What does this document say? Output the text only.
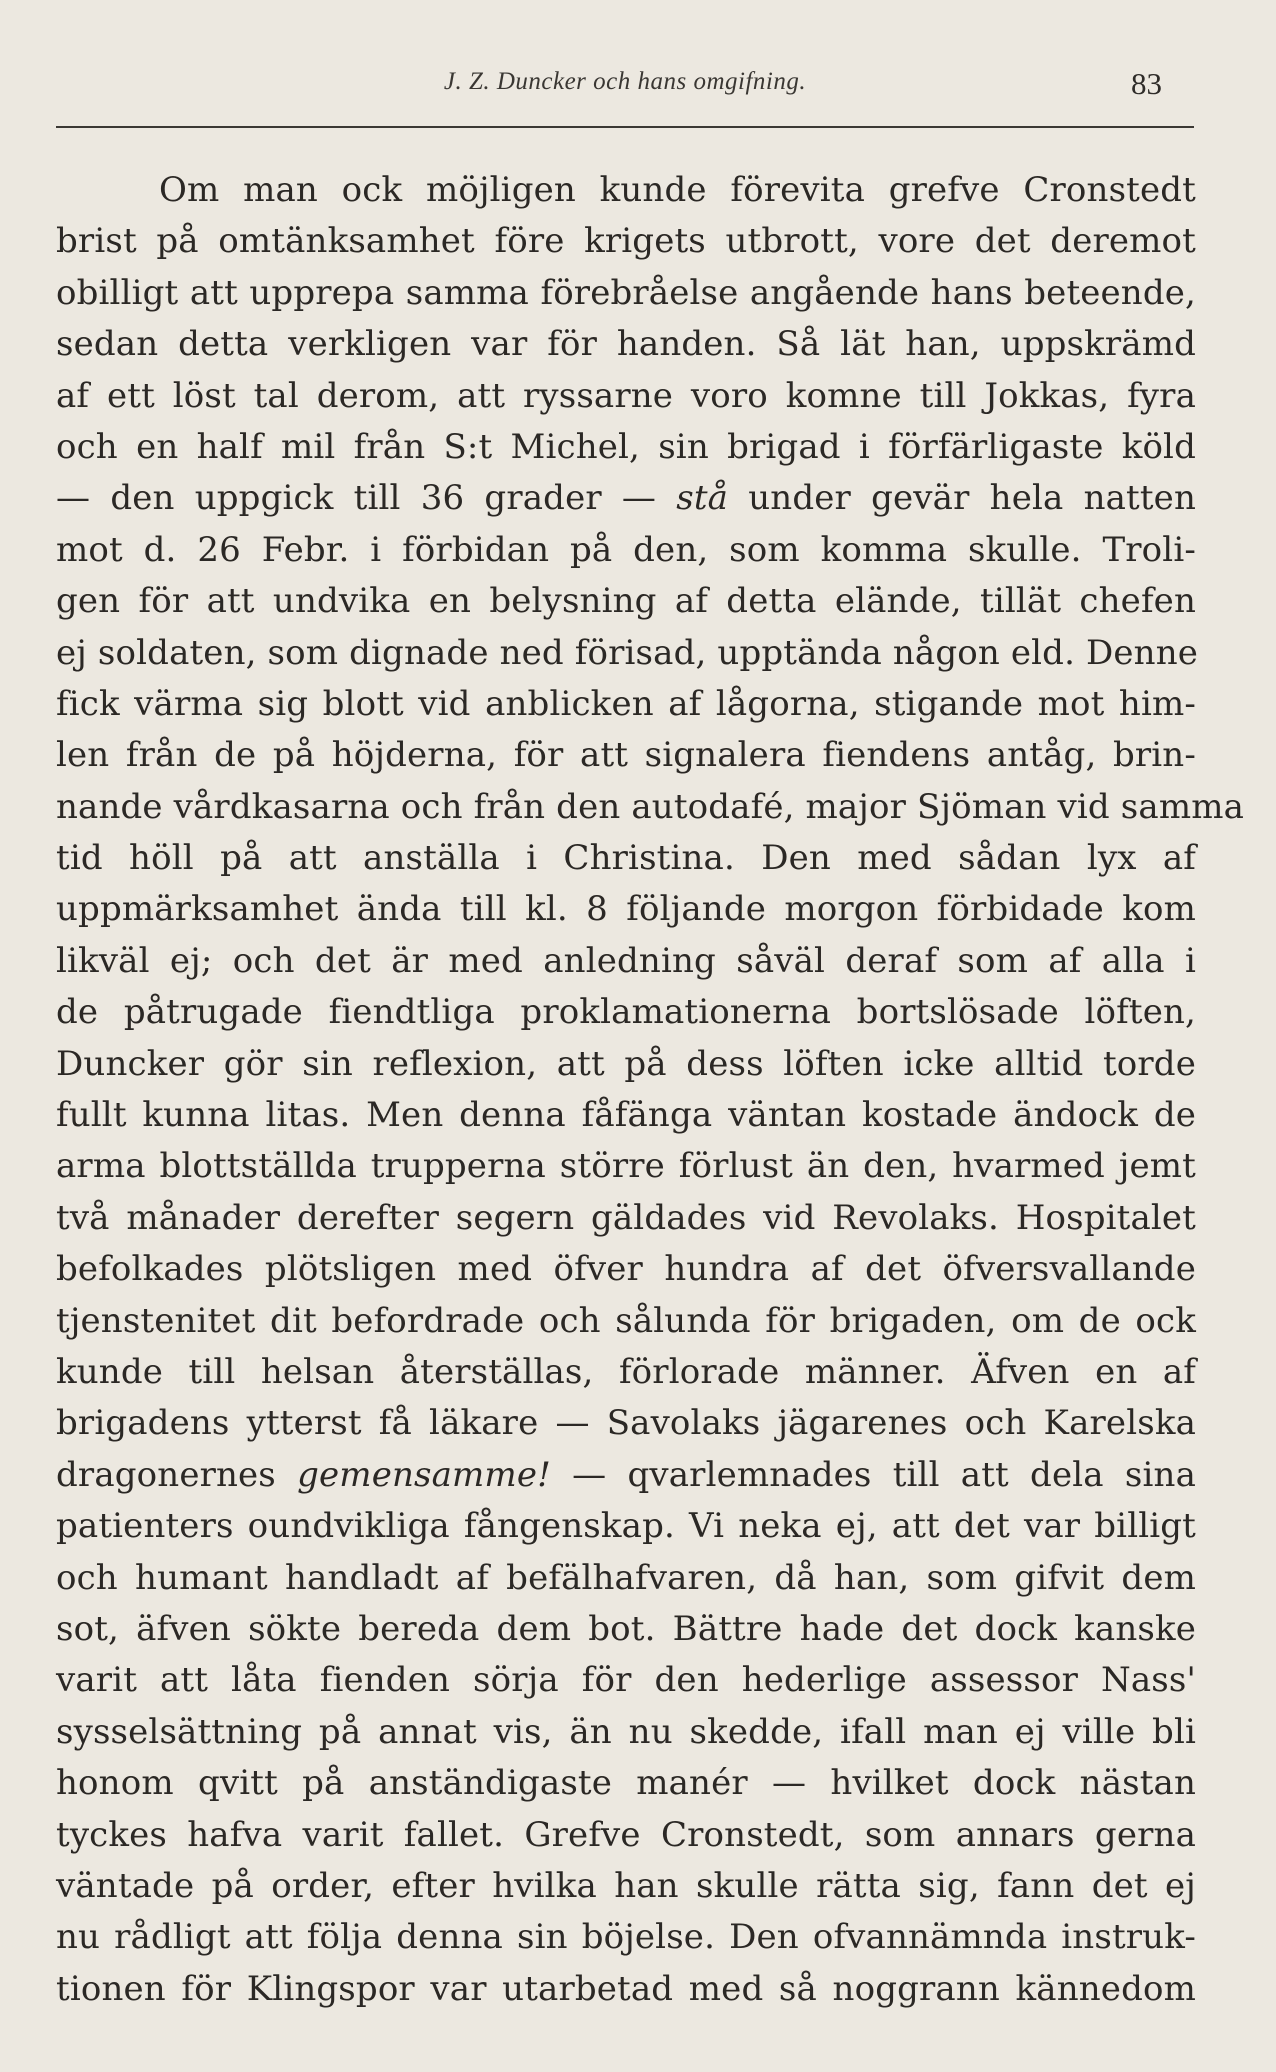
J. Z. Duncker och hans omgifning.	83
Om man ock möjligen kunde förevita grefve Cronstedt
brist på omtänksamhet före krigets utbrott, vore det deremot
obilligt att upprepa samma förebråelse angående hans beteende,
sedan detta verkligen var för handen. Så lät han, uppskrämd
af ett löst tal derom, att ryssarne voro komne till Jokkas, fyra
och en half mil från S:t Michel, sin brigad i förfärligaste köld
— den uppgick till 36 grader — stå under gevär hela natten
mot d. 26 Febr. i förbidan på den, som komma skulle. Troli-
gen för att undvika en belysning af detta elände, tillät chefen
ej soldaten, som dignade ned förisad, upptända någon eld. Denne
fick värma sig blott vid anblicken af lågorna, stigande mot him-
len från de på höjderna, för att signalera fiendens antåg, brin-
nande vårdkasarna och från den autodafé, major Sjöman vid samma
tid höll på att anställa i Christina. Den med sådan lyx af
uppmärksamhet ända till kl. 8 följande morgon förbidade kom
likväl ej; och det är med anledning såväl deraf som af alla i
de påtrugade fiendtliga proklamationerna bortslösade löften,
Duncker gör sin reflexion, att på dess löften icke alltid torde
fullt kunna litas. Men denna fåfänga väntan kostade ändock de
arma blottställda trupperna större förlust än den, hvarmed jemt
två månader derefter segern gäldades vid Revolaks. Hospitalet
befolkades plötsligen med öfver hundra af det öfversvallande
tjenstenitet dit befordrade och sålunda för brigaden, om de ock
kunde till helsan återställas, förlorade männer. Äfven en af
brigadens ytterst få läkare — Savolaks jägarenes och Karelska
dragonernes gemensamme! — qvarlemnades till att dela sina
patienters oundvikliga fångenskap. Vi neka ej, att det var billigt
och humant handladt af befälhafvaren, då han, som gifvit dem
sot, äfven sökte bereda dem bot. Bättre hade det dock kanske
varit att låta fienden sörja för den hederlige assessor Nass'
sysselsättning på annat vis, än nu skedde, ifall man ej ville bli
honom qvitt på anständigaste manér — hvilket dock nästan
tyckes hafva varit fallet. Grefve Cronstedt, som annars gerna
väntade på order, efter hvilka han skulle rätta sig, fann det ej
nu rådligt att följa denna sin böjelse. Den ofvannämnda instruk-
tionen för Klingspor var utarbetad med så noggrann kännedom
